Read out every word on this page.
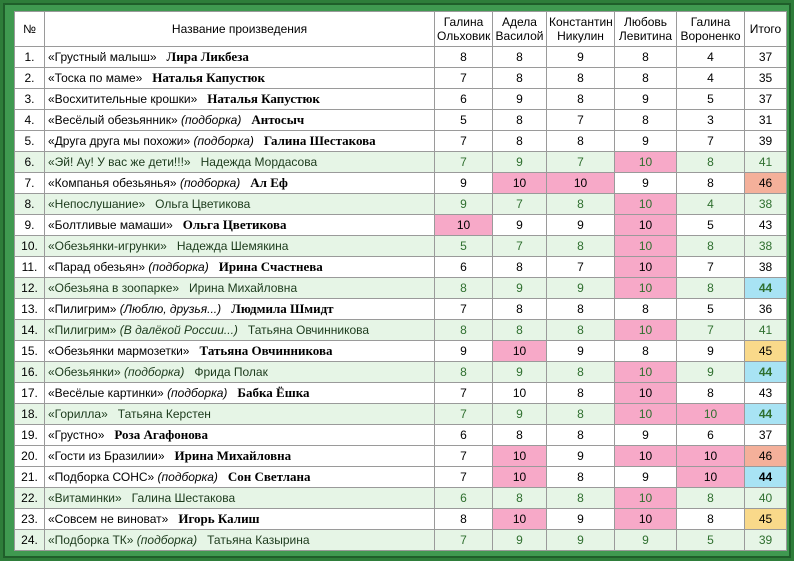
№	Название произведения	Галина Ольховик	Адела Василой	Константин Никулин	Любовь Левитина	Галина Вороненко	Итого
1.	«Грустный малыш» Лира Ликбеза	8	8	9	8	4	37
2.	«Тоска по маме» Наталья Капустюк	7	8	8	8	4	35
3.	«Восхитительные крошки» Наталья Капустюк	6	9	8	9	5	37
4.	«Весёлый обезьянник» (подборка) Антосыч	5	8	7	8	3	31
5.	«Друга друга мы похожи» (подборка) Галина Шестакова	7	8	8	9	7	39
6.	«Эй! Ау! У вас же дети!!!» Надежда Мордасова	7	9	7	10	8	41
7.	«Компанья обезьянья» (подборка) Ал Еф	9	10	10	9	8	46
8.	«Непослушание» Ольга Цветикова	9	7	8	10	4	38
9.	«Болтливые мамаши» Ольга Цветикова	10	9	9	10	5	43
10.	«Обезьянки-игрунки» Надежда Шемякина	5	7	8	10	8	38
11.	«Парад обезьян» (подборка) Ирина Счастнева	6	8	7	10	7	38
12.	«Обезьяна в зоопарке» Ирина Михайловна	8	9	9	10	8	44
13.	«Пилигрим» (Люблю, друзья...) Людмила Шмидт	7	8	8	8	5	36
14.	«Пилигрим» (В далёкой России...) Татьяна Овчинникова	8	8	8	10	7	41
15.	«Обезьянки мармозетки» Татьяна Овчинникова	9	10	9	8	9	45
16.	«Обезьянки» (подборка) Фрида Полак	8	9	8	10	9	44
17.	«Весёлые картинки» (подборка) Бабка Ёшка	7	10	8	10	8	43
18.	«Горилла» Татьяна Керстен	7	9	8	10	10	44
19.	«Грустно» Роза Агафонова	6	8	8	9	6	37
20.	«Гости из Бразилии» Ирина Михайловна	7	10	9	10	10	46
21.	«Подборка СОНС» (подборка) Сон Светлана	7	10	8	9	10	44
22.	«Витаминки» Галина Шестакова	6	8	8	10	8	40
23.	«Совсем не виноват» Игорь Калиш	8	10	9	10	8	45
24.	«Подборка ТК» (подборка) Татьяна Казырина	7	9	9	9	5	39
